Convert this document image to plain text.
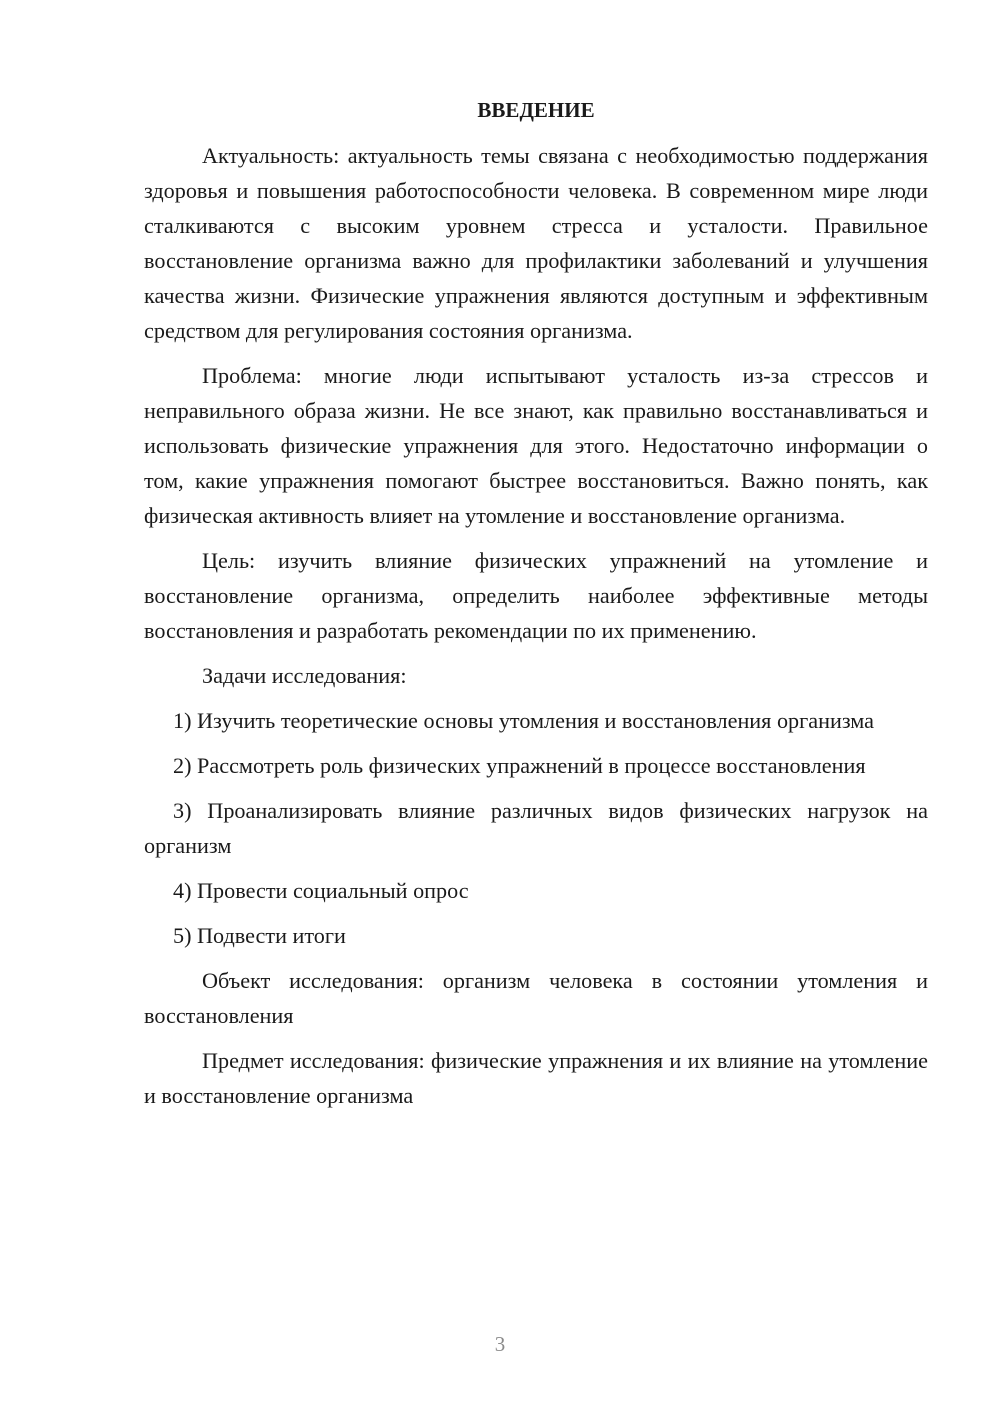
ВВЕДЕНИЕ

Актуальность: актуальность темы связана с необходимостью поддержания здоровья и повышения работоспособности человека. В современном мире люди сталкиваются с высоким уровнем стресса и усталости. Правильное восстановление организма важно для профилактики заболеваний и улучшения качества жизни. Физические упражнения являются доступным и эффективным средством для регулирования состояния организма.

Проблема: многие люди испытывают усталость из-за стрессов и неправильного образа жизни. Не все знают, как правильно восстанавливаться и использовать физические упражнения для этого. Недостаточно информации о том, какие упражнения помогают быстрее восстановиться. Важно понять, как физическая активность влияет на утомление и восстановление организма.

Цель: изучить влияние физических упражнений на утомление и восстановление организма, определить наиболее эффективные методы восстановления и разработать рекомендации по их применению.

Задачи исследования:

1) Изучить теоретические основы утомления и восстановления организма

2) Рассмотреть роль физических упражнений в процессе восстановления

3) Проанализировать влияние различных видов физических нагрузок на организм

4) Провести социальный опрос

5) Подвести итоги

Объект исследования: организм человека в состоянии утомления и восстановления

Предмет исследования: физические упражнения и их влияние на утомление и восстановление организма

3
